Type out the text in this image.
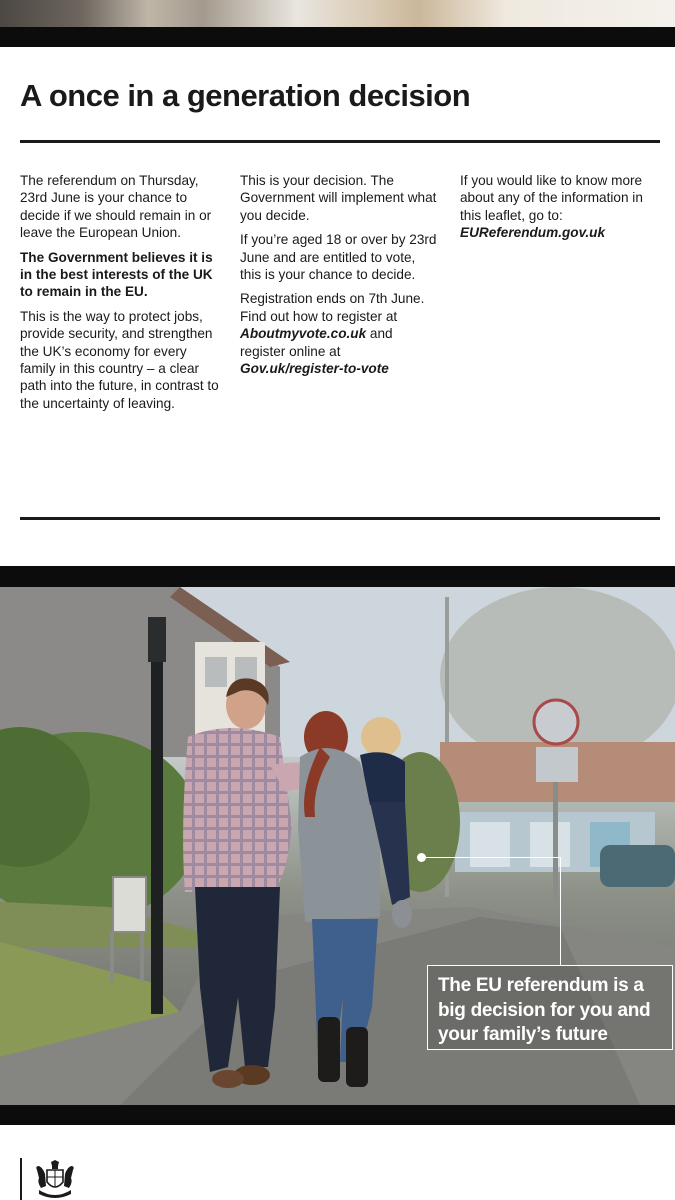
A once in a generation decision

The referendum on Thursday, 23rd June is your chance to decide if we should remain in or leave the European Union.

The Government believes it is in the best interests of the UK to remain in the EU.

This is the way to protect jobs, provide security, and strengthen the UK’s economy for every family in this country – a clear path into the future, in contrast to the uncertainty of leaving.

This is your decision. The Government will implement what you decide.

If you’re aged 18 or over by 23rd June and are entitled to vote, this is your chance to decide.

Registration ends on 7th June. Find out how to register at Aboutmyvote.co.uk and register online at Gov.uk/register-to-vote

If you would like to know more about any of the information in this leaflet, go to: EUReferendum.gov.uk

The EU referendum is a big decision for you and your family’s future
